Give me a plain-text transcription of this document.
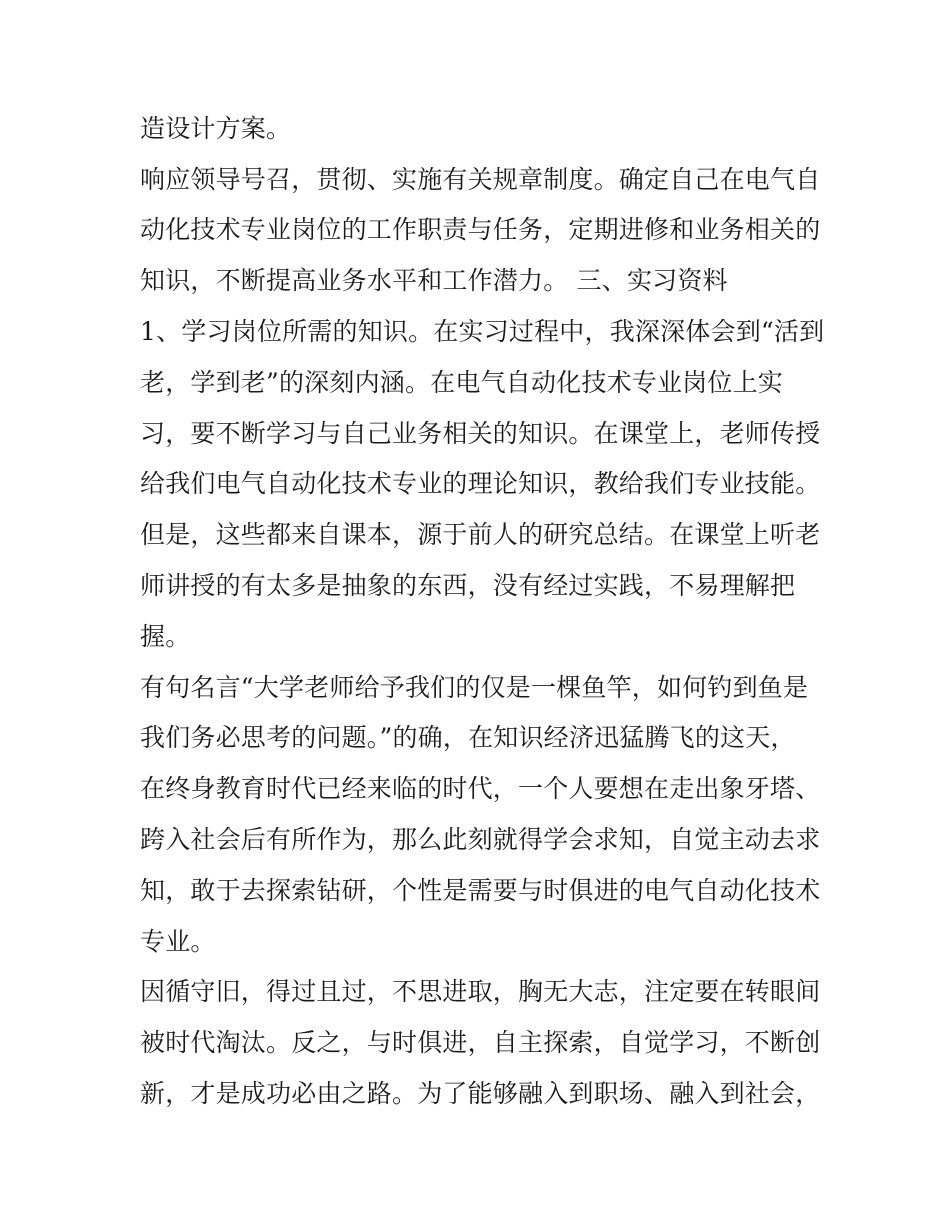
造设计方案。
响应领导号召，贯彻、实施有关规章制度。确定自己在电气自
动化技术专业岗位的工作职责与任务，定期进修和业务相关的
知识，不断提高业务水平和工作潜力。 三、实习资料
1、学习岗位所需的知识。在实习过程中，我深深体会到“活到
老，学到老”的深刻内涵。在电气自动化技术专业岗位上实
习，要不断学习与自己业务相关的知识。在课堂上，老师传授
给我们电气自动化技术专业的理论知识，教给我们专业技能。
但是，这些都来自课本，源于前人的研究总结。在课堂上听老
师讲授的有太多是抽象的东西，没有经过实践，不易理解把
握。
有句名言“大学老师给予我们的仅是一棵鱼竿，如何钓到鱼是
我们务必思考的问题。”的确，在知识经济迅猛腾飞的这天，
在终身教育时代已经来临的时代，一个人要想在走出象牙塔、
跨入社会后有所作为，那么此刻就得学会求知，自觉主动去求
知，敢于去探索钻研，个性是需要与时俱进的电气自动化技术
专业。
因循守旧，得过且过，不思进取，胸无大志，注定要在转眼间
被时代淘汰。反之，与时俱进，自主探索，自觉学习，不断创
新，才是成功必由之路。为了能够融入到职场、融入到社会，
